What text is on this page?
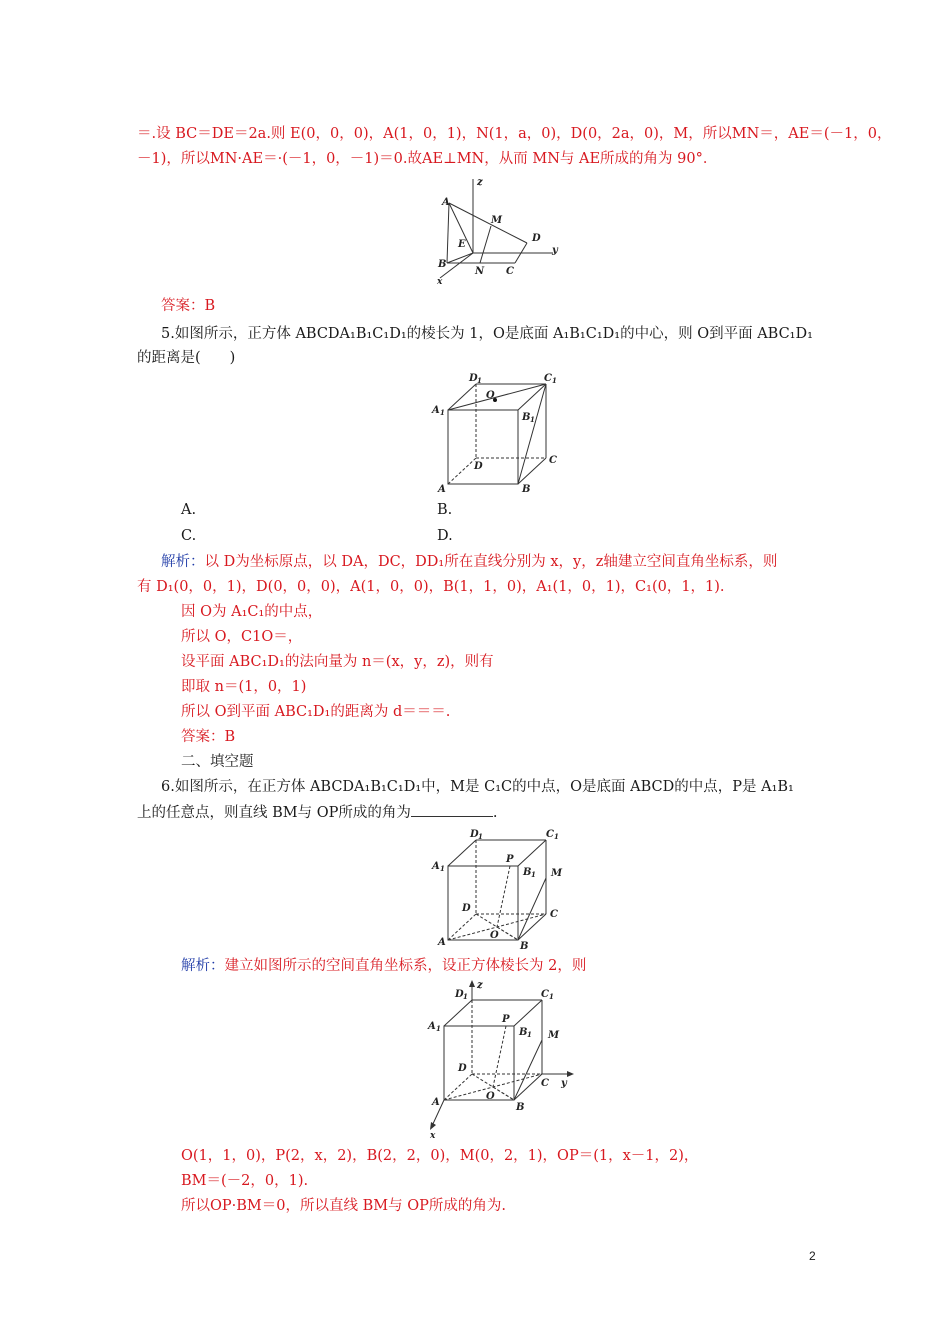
＝.设 BC＝DE＝2a.则 E(0，0，0)，A(1，0，1)，N(1，a，0)，D(0，2a，0)，M，所以MN＝，AE＝(－1，0，
－1)，所以MN·AE＝·(－1，0，－1)＝0.故AE⊥MN，从而 MN与 AE所成的角为 90°．
z
A
M
E
D
y
B
N C
x
答案：B
5.如图所示，正方体 ABCDA₁B₁C₁D₁的棱长为 1，O是底面 A₁B₁C₁D₁的中心，则 O到平面 ABC₁D₁
的距离是(　　)
D 1	C 1
O
A 1	B 1
D
C
A	B
A.	B.
C.	D.
解析：以 D为坐标原点，以 DA，DC，DD₁所在直线分别为 x，y，z轴建立空间直角坐标系，则
有 D₁(0，0，1)，D(0，0，0)，A(1，0，0)，B(1，1，0)，A₁(1，0，1)，C₁(0，1，1).
因 O为 A₁C₁的中点，
所以 O，C1O＝，
设平面 ABC₁D₁的法向量为 n＝(x，y，z)，则有
即取 n＝(1，0，1)
所以 O到平面 ABC₁D₁的距离为 d＝＝＝.
答案：B
二、填空题
6.如图所示，在正方体 ABCDA₁B₁C₁D₁中，M是 C₁C的中点，O是底面 ABCD的中点，P是 A₁B₁
上的任意点，则直线 BM与 OP所成的角为	.
D 1	C 1
A 1
P
B 1 M
D
C
A
O
B
解析：建立如图所示的空间直角坐标系，设正方体棱长为 2，则
z
D 1	C 1
A 1
P
B 1 M
D
C y
A
O
B
x
O(1，1，0)，P(2，x，2)，B(2，2，0)，M(0，2，1)，OP＝(1，x－1，2)，
BM＝(－2，0，1).
所以OP·BM＝0，所以直线 BM与 OP所成的角为.
2
